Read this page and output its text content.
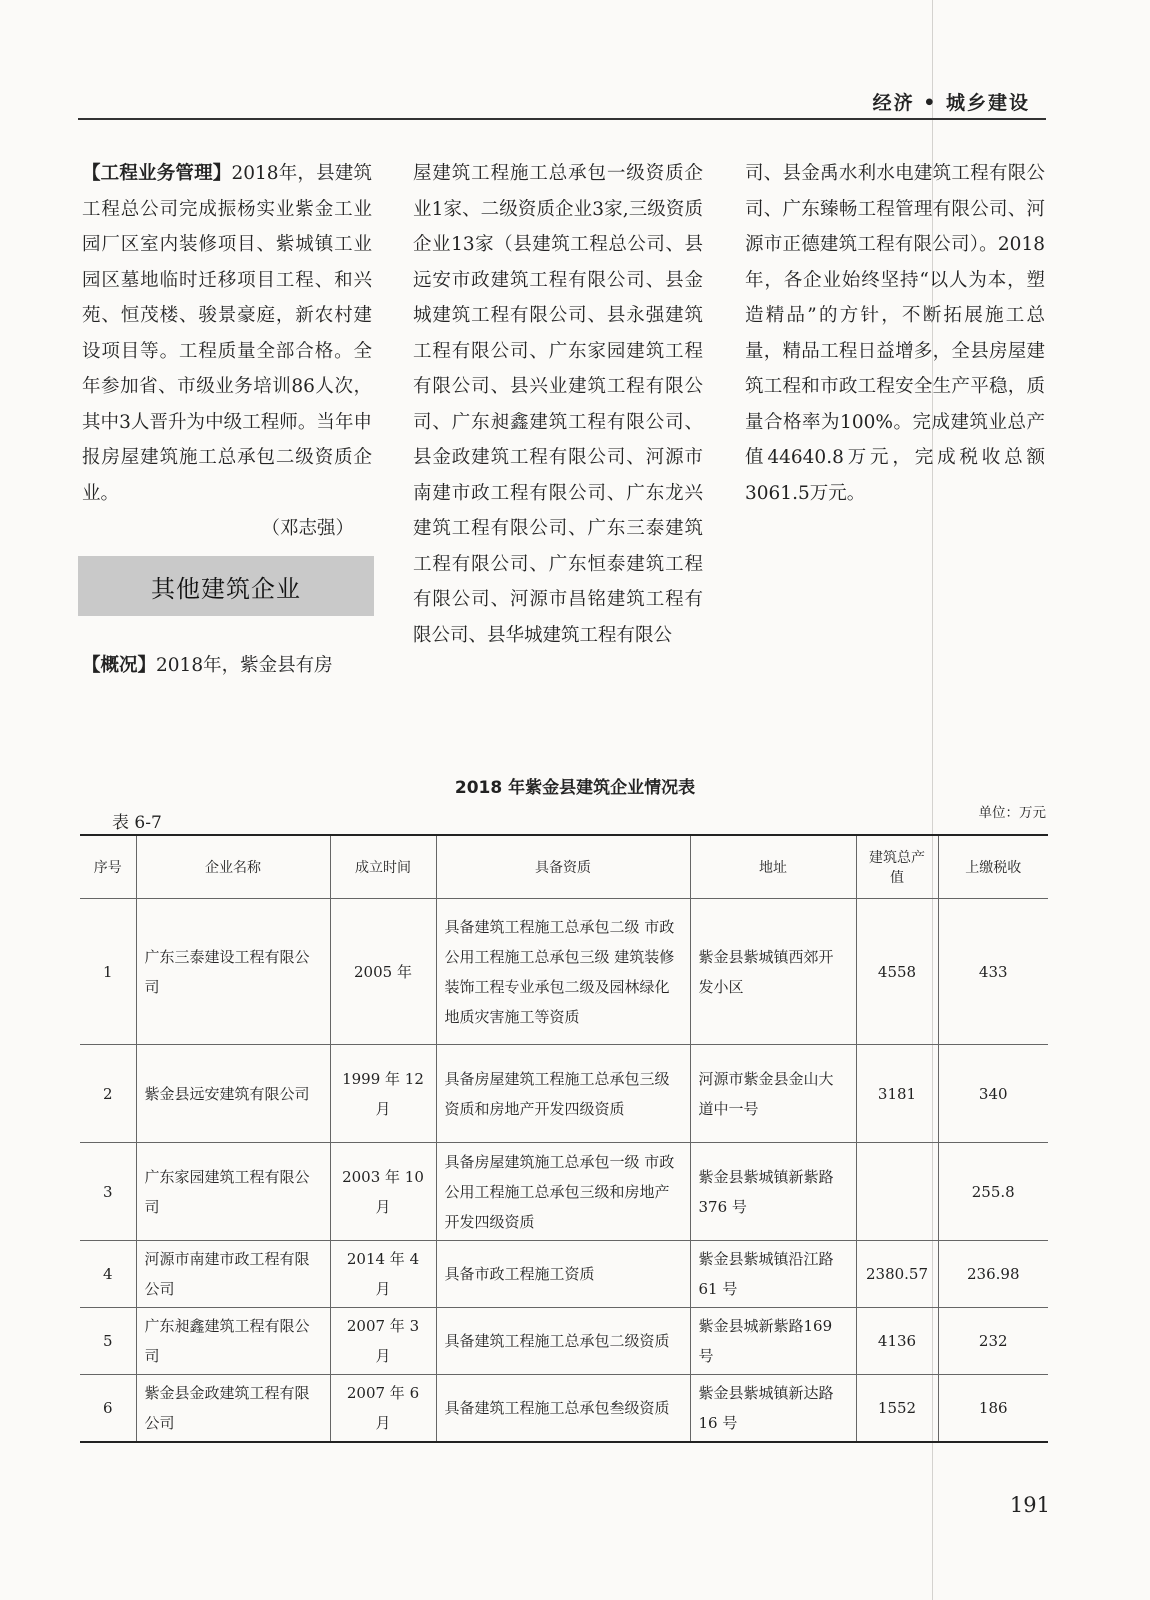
经济 • 城乡建设

【工程业务管理】2018年，县建筑工程总公司完成振杨实业紫金工业园厂区室内装修项目、紫城镇工业园区墓地临时迁移项目工程、和兴苑、恒茂楼、骏景豪庭，新农村建设项目等。工程质量全部合格。全年参加省、市级业务培训86人次，其中3人晋升为中级工程师。当年申报房屋建筑施工总承包二级资质企业。

（邓志强）

其他建筑企业
【概况】2018年，紫金县有房

屋建筑工程施工总承包一级资质企业1家、二级资质企业3家,三级资质企业13家（县建筑工程总公司、县远安市政建筑工程有限公司、县金城建筑工程有限公司、县永强建筑工程有限公司、广东家园建筑工程有限公司、县兴业建筑工程有限公司、广东昶鑫建筑工程有限公司、县金政建筑工程有限公司、河源市南建市政工程有限公司、广东龙兴建筑工程有限公司、广东三泰建筑工程有限公司、广东恒泰建筑工程有限公司、河源市昌铭建筑工程有限公司、县华城建筑工程有限公

司、县金禹水利水电建筑工程有限公司、广东臻畅工程管理有限公司、河源市正德建筑工程有限公司）。2018年，各企业始终坚持“以人为本，塑造精品”的方针，不断拓展施工总量，精品工程日益增多，全县房屋建筑工程和市政工程安全生产平稳，质量合格率为100%。完成建筑业总产值44640.8万元，完成税收总额3061.5万元。

2018 年紫金县建筑企业情况表
表 6-7	单位：万元
序号	企业名称	成立时间	具备资质	地址	建筑总产值	上缴税收
1	广东三泰建设工程有限公司	2005 年	具备建筑工程施工总承包二级 市政公用工程施工总承包三级 建筑装修装饰工程专业承包二级及园林绿化 地质灾害施工等资质	紫金县紫城镇西郊开发小区	4558	433
2	紫金县远安建筑有限公司	1999 年 12 月	具备房屋建筑工程施工总承包三级资质和房地产开发四级资质	河源市紫金县金山大道中一号	3181	340
3	广东家园建筑工程有限公司	2003 年 10 月	具备房屋建筑施工总承包一级 市政公用工程施工总承包三级和房地产开发四级资质	紫金县紫城镇新紫路 376 号		255.8
4	河源市南建市政工程有限公司	2014 年 4 月	具备市政工程施工资质	紫金县紫城镇沿江路 61 号	2380.57	236.98
5	广东昶鑫建筑工程有限公司	2007 年 3 月	具备建筑工程施工总承包二级资质	紫金县城新紫路169 号	4136	232
6	紫金县金政建筑工程有限公司	2007 年 6 月	具备建筑工程施工总承包叁级资质	紫金县紫城镇新达路 16 号	1552	186
191
